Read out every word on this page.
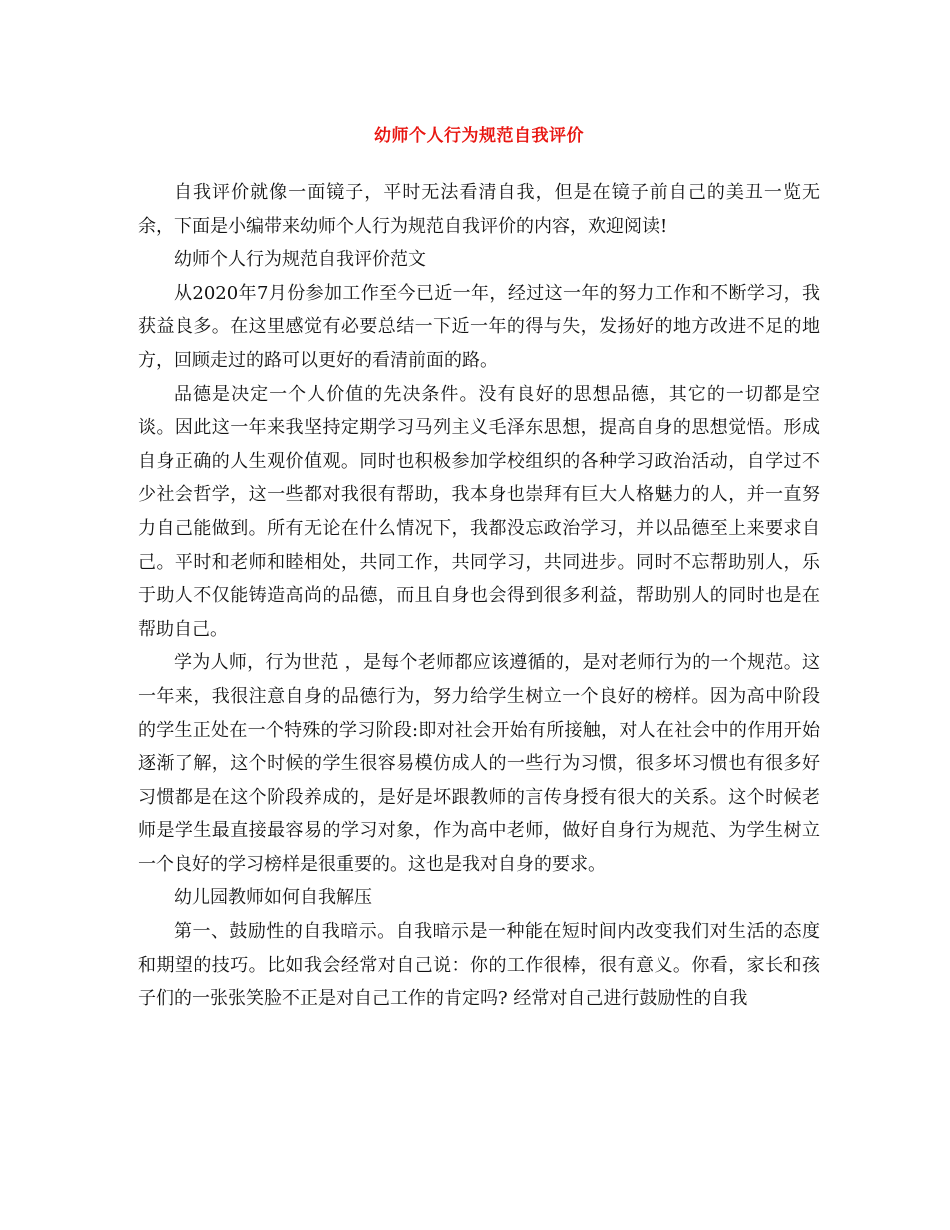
幼师个人行为规范自我评价

自我评价就像一面镜子，平时无法看清自我，但是在镜子前自己的美丑一览无余，下面是小编带来幼师个人行为规范自我评价的内容，欢迎阅读!

幼师个人行为规范自我评价范文

从2020年7月份参加工作至今已近一年，经过这一年的努力工作和不断学习，我获益良多。在这里感觉有必要总结一下近一年的得与失，发扬好的地方改进不足的地方，回顾走过的路可以更好的看清前面的路。

品德是决定一个人价值的先决条件。没有良好的思想品德，其它的一切都是空谈。因此这一年来我坚持定期学习马列主义毛泽东思想，提高自身的思想觉悟。形成自身正确的人生观价值观。同时也积极参加学校组织的各种学习政治活动，自学过不少社会哲学，这一些都对我很有帮助，我本身也崇拜有巨大人格魅力的人，并一直努力自己能做到。所有无论在什么情况下，我都没忘政治学习，并以品德至上来要求自己。平时和老师和睦相处，共同工作，共同学习，共同进步。同时不忘帮助别人，乐于助人不仅能铸造高尚的品德，而且自身也会得到很多利益，帮助别人的同时也是在帮助自己。

学为人师，行为世范 ，是每个老师都应该遵循的，是对老师行为的一个规范。这一年来，我很注意自身的品德行为，努力给学生树立一个良好的榜样。因为高中阶段的学生正处在一个特殊的学习阶段:即对社会开始有所接触，对人在社会中的作用开始逐渐了解，这个时候的学生很容易模仿成人的一些行为习惯，很多坏习惯也有很多好习惯都是在这个阶段养成的，是好是坏跟教师的言传身授有很大的关系。这个时候老师是学生最直接最容易的学习对象，作为高中老师，做好自身行为规范、为学生树立一个良好的学习榜样是很重要的。这也是我对自身的要求。

幼儿园教师如何自我解压

第一、鼓励性的自我暗示。自我暗示是一种能在短时间内改变我们对生活的态度和期望的技巧。比如我会经常对自己说：你的工作很棒，很有意义。你看，家长和孩子们的一张张笑脸不正是对自己工作的肯定吗? 经常对自己进行鼓励性的自我
